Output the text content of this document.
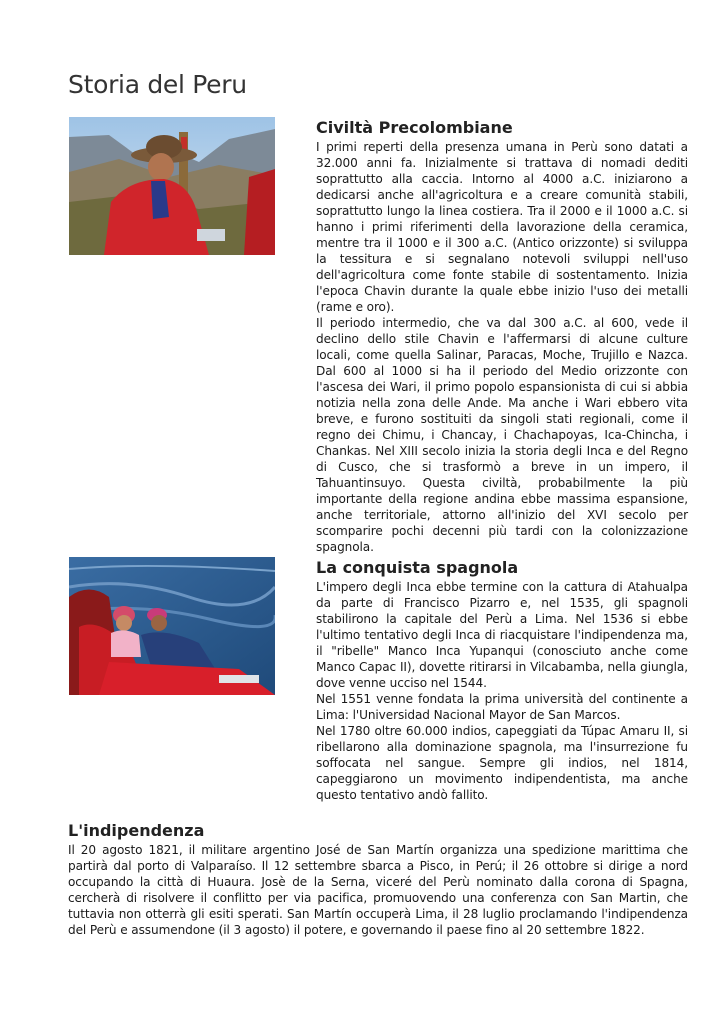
Storia del Peru
Civiltà Precolombiane

I primi reperti della presenza umana in Perù sono datati a 32.000 anni fa. Inizialmente si trattava di nomadi dediti soprattutto alla caccia. Intorno al 4000 a.C. iniziarono a dedicarsi anche all'agricoltura e a creare comunità stabili, soprattutto lungo la linea costiera. Tra il 2000 e il 1000 a.C. si hanno i primi riferimenti della lavorazione della ceramica, mentre tra il 1000 e il 300 a.C. (Antico orizzonte) si sviluppa la tessitura e si segnalano notevoli sviluppi nell'uso dell'agricoltura come fonte stabile di sostentamento. Inizia l'epoca Chavin durante la quale ebbe inizio l'uso dei metalli (rame e oro).

Il periodo intermedio, che va dal 300 a.C. al 600, vede il declino dello stile Chavin e l'affermarsi di alcune culture locali, come quella Salinar, Paracas, Moche, Trujillo e Nazca. Dal 600 al 1000 si ha il periodo del Medio orizzonte con l'ascesa dei Wari, il primo popolo espansionista di cui si abbia notizia nella zona delle Ande. Ma anche i Wari ebbero vita breve, e furono sostituiti da singoli stati regionali, come il regno dei Chimu, i Chancay, i Chachapoyas, Ica-Chincha, i Chankas. Nel XIII secolo inizia la storia degli Inca e del Regno di Cusco, che si trasformò a breve in un impero, il Tahuantinsuyo. Questa civiltà, probabilmente la più importante della regione andina ebbe massima espansione, anche territoriale, attorno all'inizio del XVI secolo per scomparire pochi decenni più tardi con la colonizzazione spagnola.

La conquista spagnola

L'impero degli Inca ebbe termine con la cattura di Atahualpa da parte di Francisco Pizarro e, nel 1535, gli spagnoli stabilirono la capitale del Perù a Lima. Nel 1536 si ebbe l'ultimo tentativo degli Inca di riacquistare l'indipendenza ma, il "ribelle" Manco Inca Yupanqui (conosciuto anche come Manco Capac II), dovette ritirarsi in Vilcabamba, nella giungla, dove venne ucciso nel 1544.

Nel 1551 venne fondata la prima università del continente a Lima: l'Universidad Nacional Mayor de San Marcos.

Nel 1780 oltre 60.000 indios, capeggiati da Túpac Amaru II, si ribellarono alla dominazione spagnola, ma l'insurrezione fu soffocata nel sangue. Sempre gli indios, nel 1814, capeggiarono un movimento indipendentista, ma anche questo tentativo andò fallito.

L'indipendenza

Il 20 agosto 1821, il militare argentino José de San Martín organizza una spedizione marittima che partirà dal porto di Valparaíso. Il 12 settembre sbarca a Pisco, in Perú; il 26 ottobre si dirige a nord occupando la città di Huaura. Josè de la Serna, viceré del Perù nominato dalla corona di Spagna, cercherà di risolvere il conflitto per via pacifica, promuovendo una conferenza con San Martin, che tuttavia non otterrà gli esiti sperati. San Martín occuperà Lima, il 28 luglio proclamando l'indipendenza del Perù e assumendone (il 3 agosto) il potere, e governando il paese fino al 20 settembre 1822.
